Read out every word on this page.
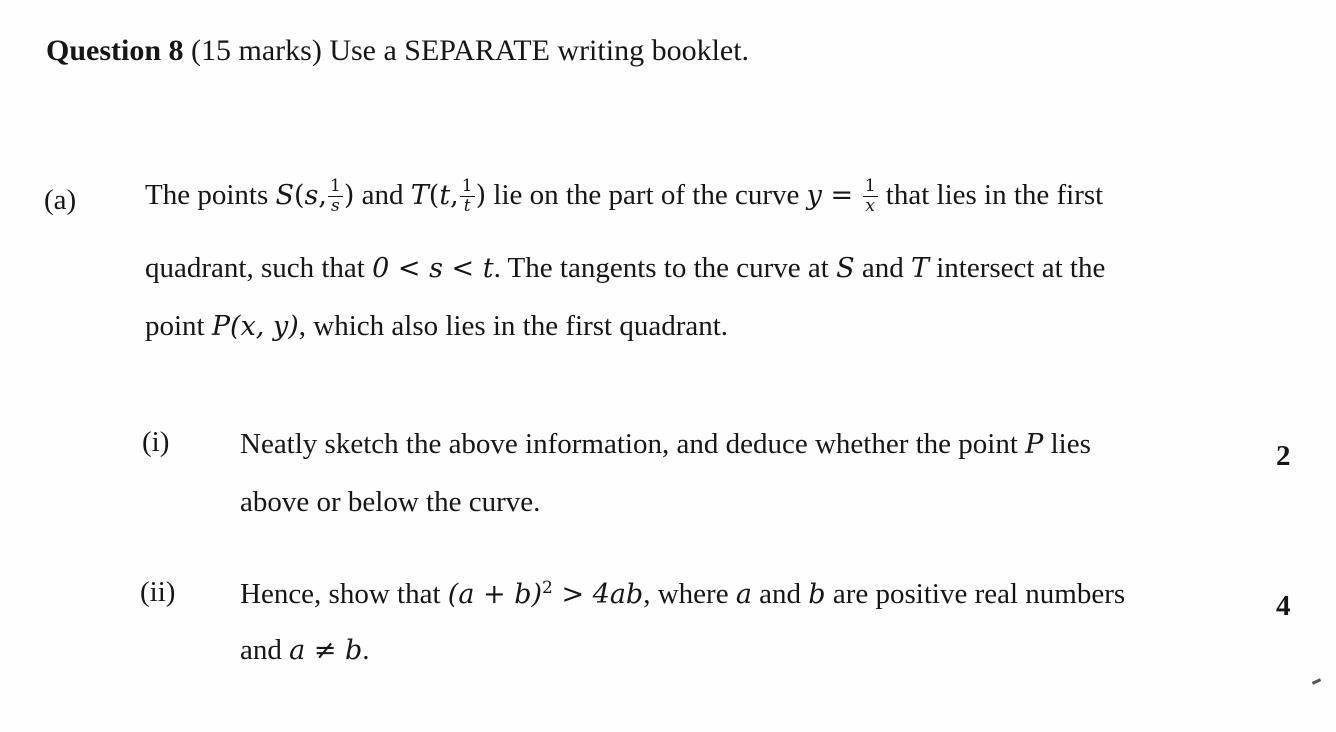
Question 8 (15 marks) Use a SEPARATE writing booklet.
(a) The points S(s, $\frac{1}{s}$ ) and T(t, $\frac{1}{t}$ ) lie on the part of the curve $y = \frac{1}{x}$ that lies in the first
quadrant, such that 0 < s < t. The tangents to the curve at S and T intersect at the
point P(x, y), which also lies in the first quadrant.
(i) Neatly sketch the above information, and deduce whether the point P lies
above or below the curve.
2
(ii) Hence, show that $(a + b)^2 > 4ab$, where a and b are positive real numbers
and a ≠ b.
4
